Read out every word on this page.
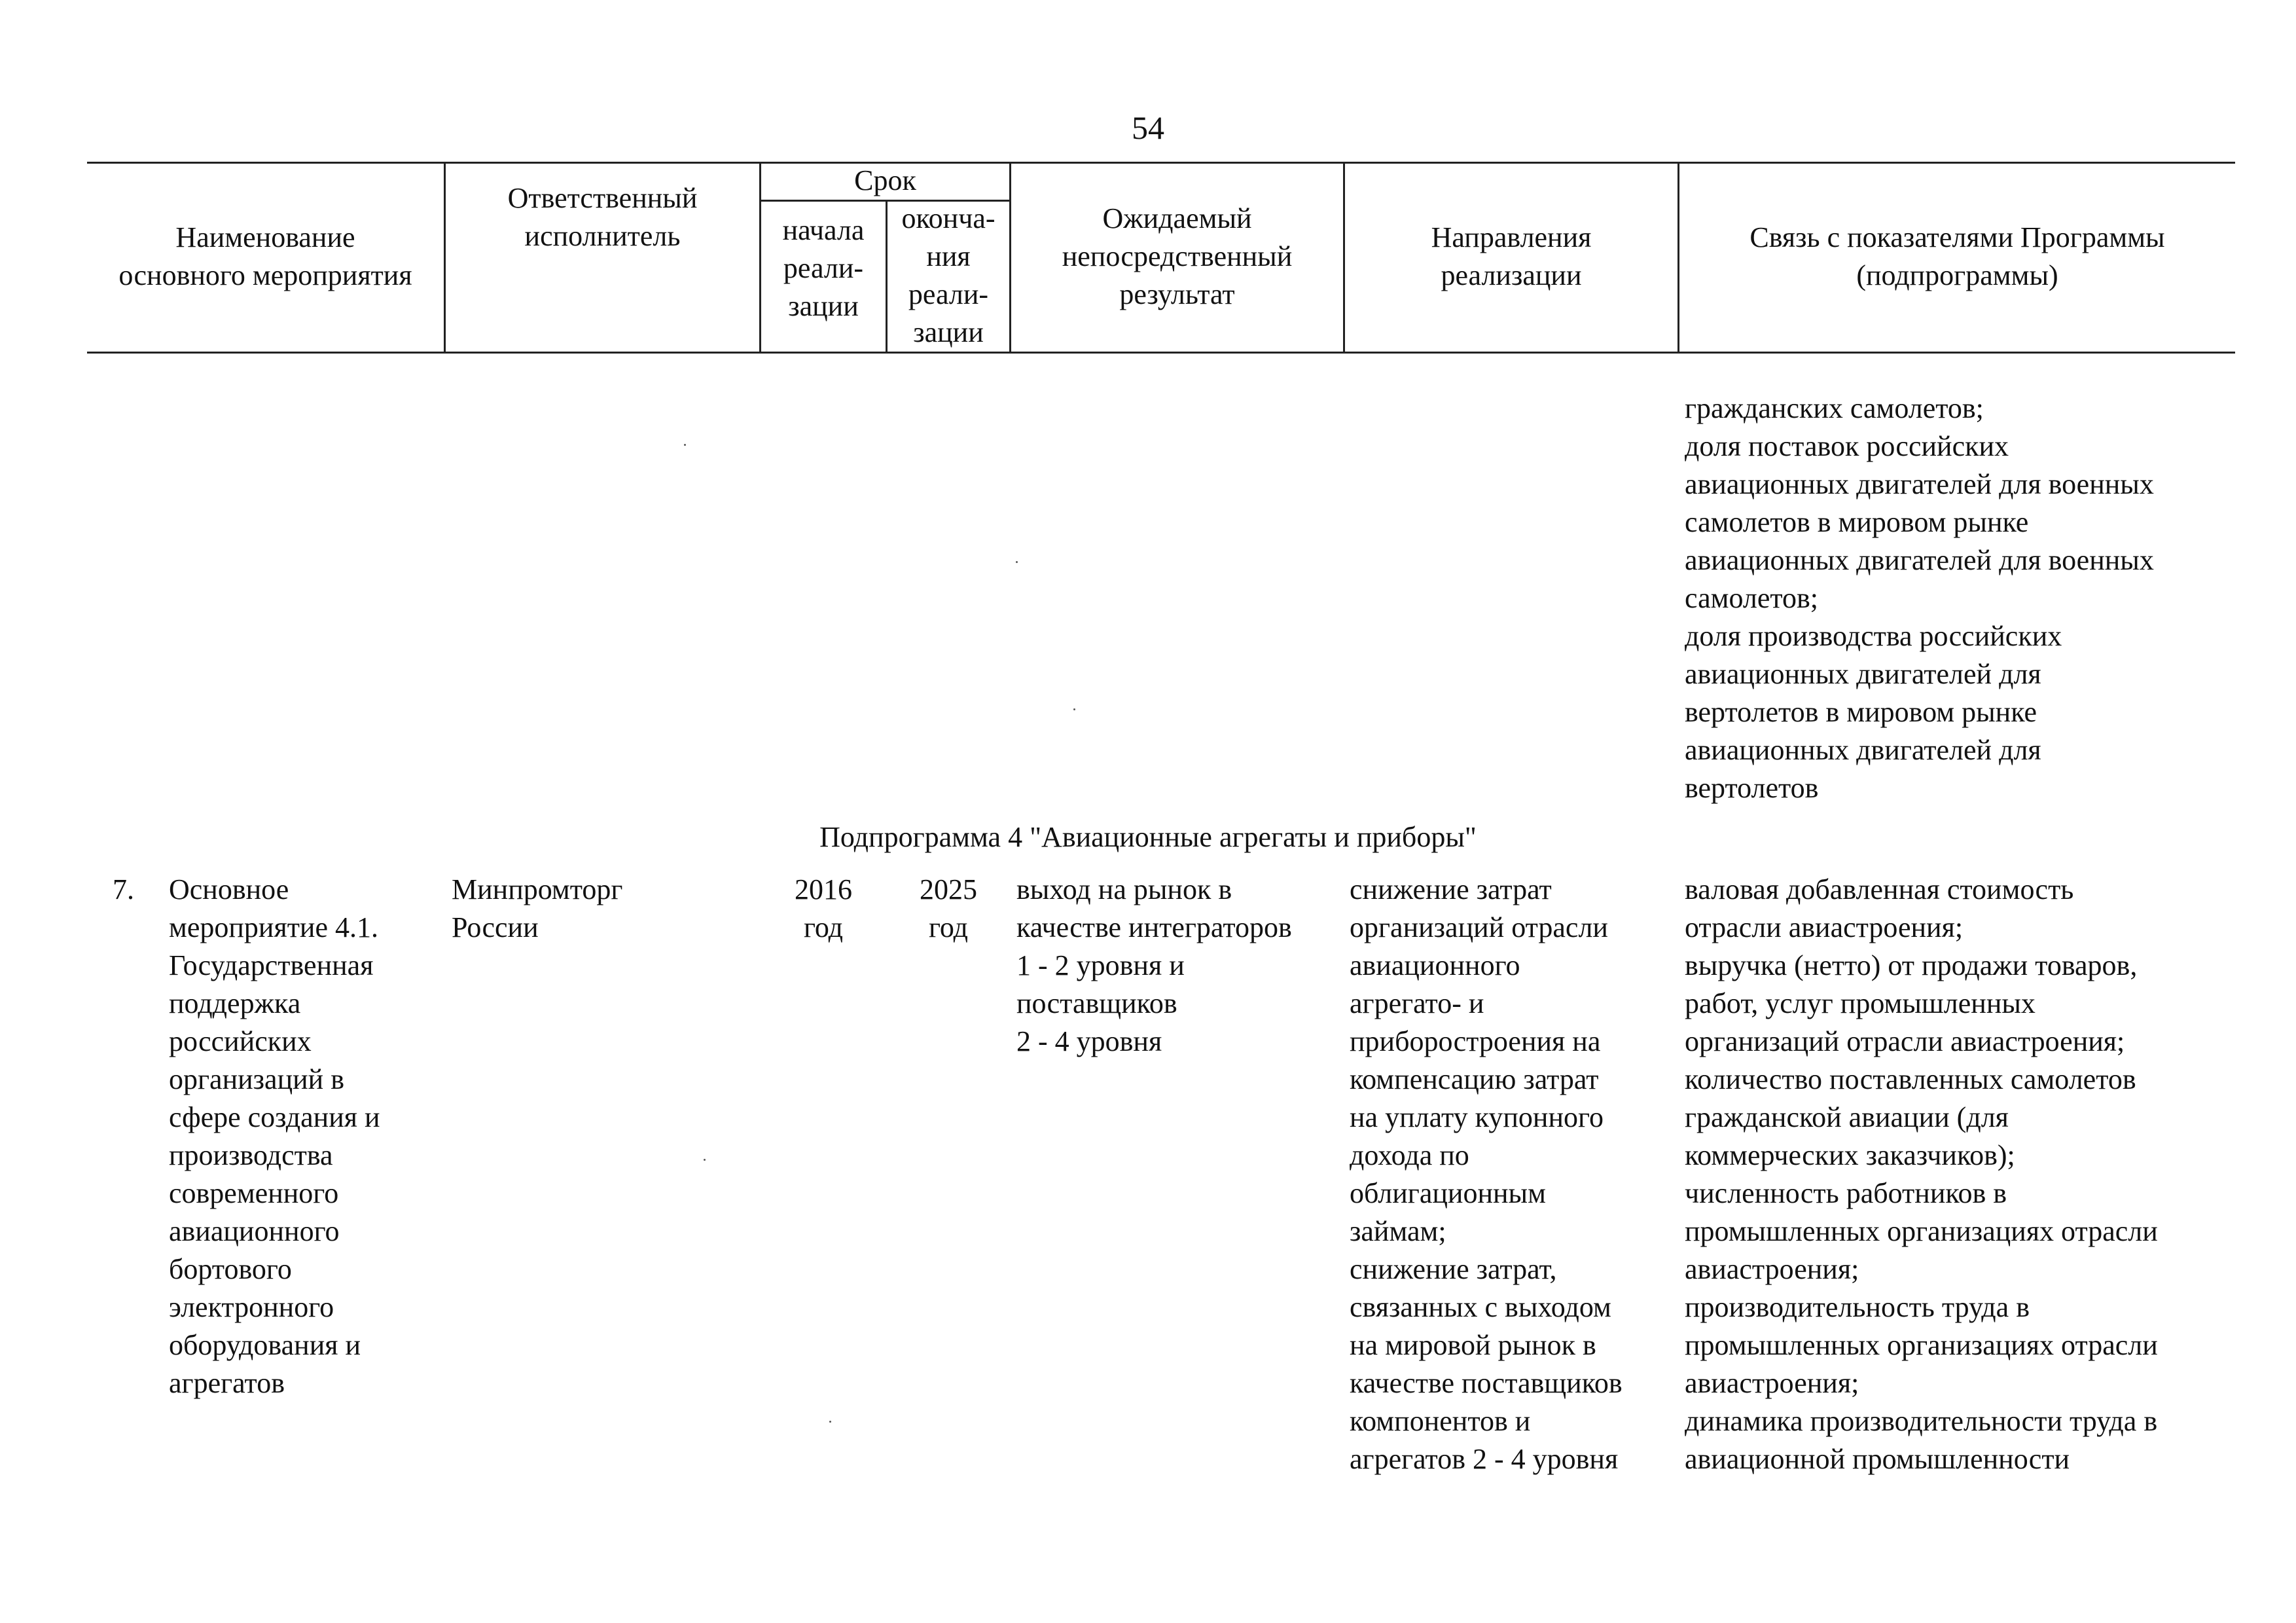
54
Наименование
основного мероприятия
Ответственный
исполнитель
Срок
начала
реали-
зации
оконча-
ния
реали-
зации
Ожидаемый
непосредственный
результат
Направления
реализации
Связь с показателями Программы
(подпрограммы)
гражданских самолетов;
доля поставок российских
авиационных двигателей для военных
самолетов в мировом рынке
авиационных двигателей для военных
самолетов;
доля производства российских
авиационных двигателей для
вертолетов в мировом рынке
авиационных двигателей для
вертолетов
Подпрограмма 4 "Авиационные агрегаты и приборы"
7. Основное
мероприятие 4.1.
Государственная
поддержка
российских
организаций в
сфере создания и
производства
современного
авиационного
бортового
электронного
оборудования и
агрегатов
Минпромторг
России
2016
год
2025
год
выход на рынок в
качестве интеграторов
1 - 2 уровня и
поставщиков
2 - 4 уровня
снижение затрат
организаций отрасли
авиационного
агрегато- и
приборостроения на
компенсацию затрат
на уплату купонного
дохода по
облигационным
займам;
снижение затрат,
связанных с выходом
на мировой рынок в
качестве поставщиков
компонентов и
агрегатов 2 - 4 уровня
валовая добавленная стоимость
отрасли авиастроения;
выручка (нетто) от продажи товаров,
работ, услуг промышленных
организаций отрасли авиастроения;
количество поставленных самолетов
гражданской авиации (для
коммерческих заказчиков);
численность работников в
промышленных организациях отрасли
авиастроения;
производительность труда в
промышленных организациях отрасли
авиастроения;
динамика производительности труда в
авиационной промышленности
